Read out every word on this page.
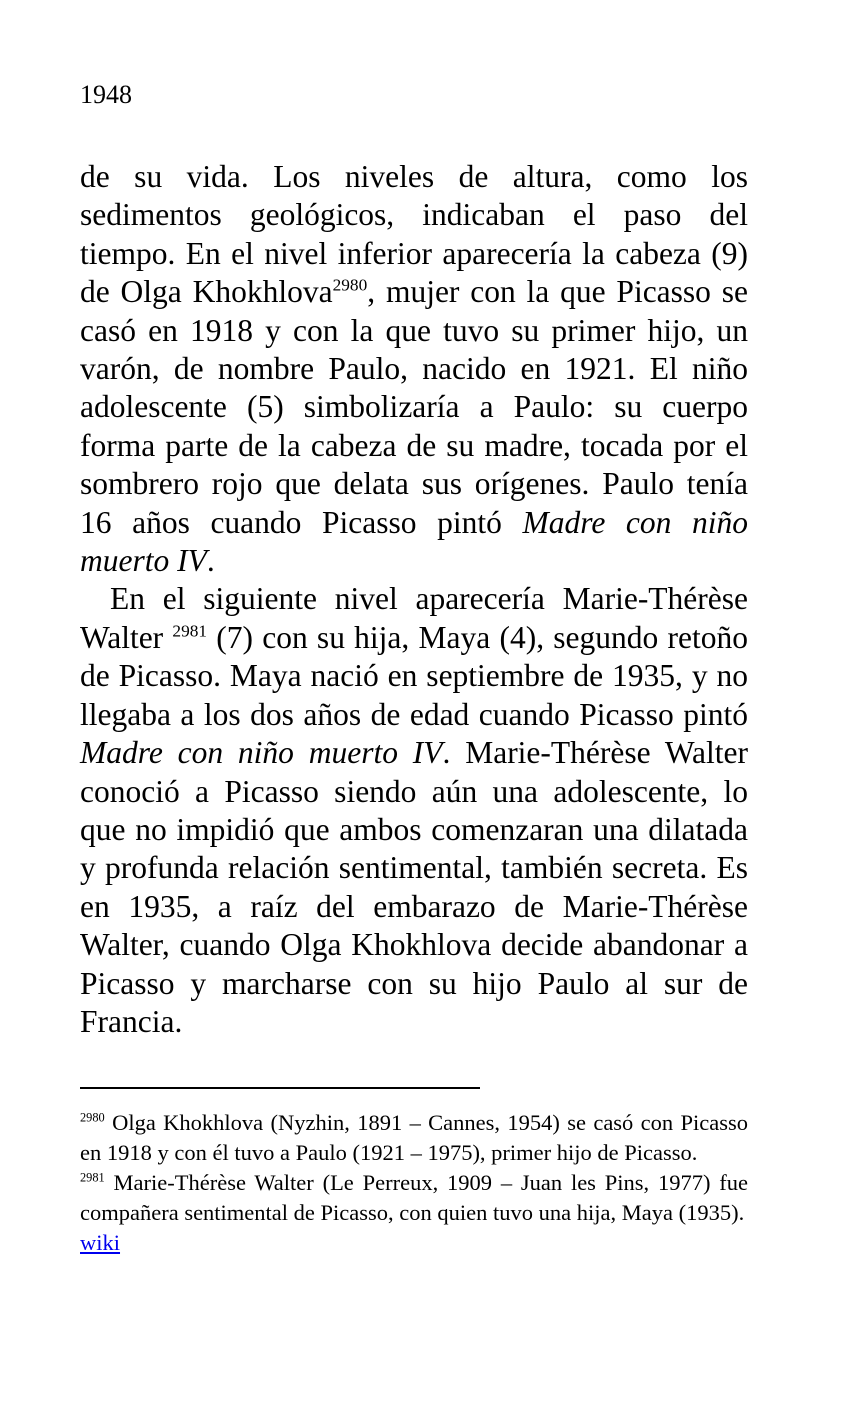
1948

de su vida. Los niveles de altura, como los sedimentos geológicos, indicaban el paso del tiempo. En el nivel inferior aparecería la cabeza (9) de Olga Khokhlova$^{2980}$, mujer con la que Picasso se casó en 1918 y con la que tuvo su primer hijo, un varón, de nombre Paulo, nacido en 1921. El niño adolescente (5) simbolizaría a Paulo: su cuerpo forma parte de la cabeza de su madre, tocada por el sombrero rojo que delata sus orígenes. Paulo tenía 16 años cuando Picasso pintó Madre con niño muerto IV.

En el siguiente nivel aparecería Marie-Thérèse Walter $^{2981}$ (7) con su hija, Maya (4), segundo retoño de Picasso. Maya nació en septiembre de 1935, y no llegaba a los dos años de edad cuando Picasso pintó Madre con niño muerto IV. Marie-Thérèse Walter conoció a Picasso siendo aún una adolescente, lo que no impidió que ambos comenzaran una dilatada y profunda relación sentimental, también secreta. Es en 1935, a raíz del embarazo de Marie-Thérèse Walter, cuando Olga Khokhlova decide abandonar a Picasso y marcharse con su hijo Paulo al sur de Francia.

$^{2980}$ Olga Khokhlova (Nyzhin, 1891 – Cannes, 1954) se casó con Picasso en 1918 y con él tuvo a Paulo (1921 – 1975), primer hijo de Picasso.

$^{2981}$ Marie-Thérèse Walter (Le Perreux, 1909 – Juan les Pins, 1977) fue compañera sentimental de Picasso, con quien tuvo una hija, Maya (1935).

wiki
